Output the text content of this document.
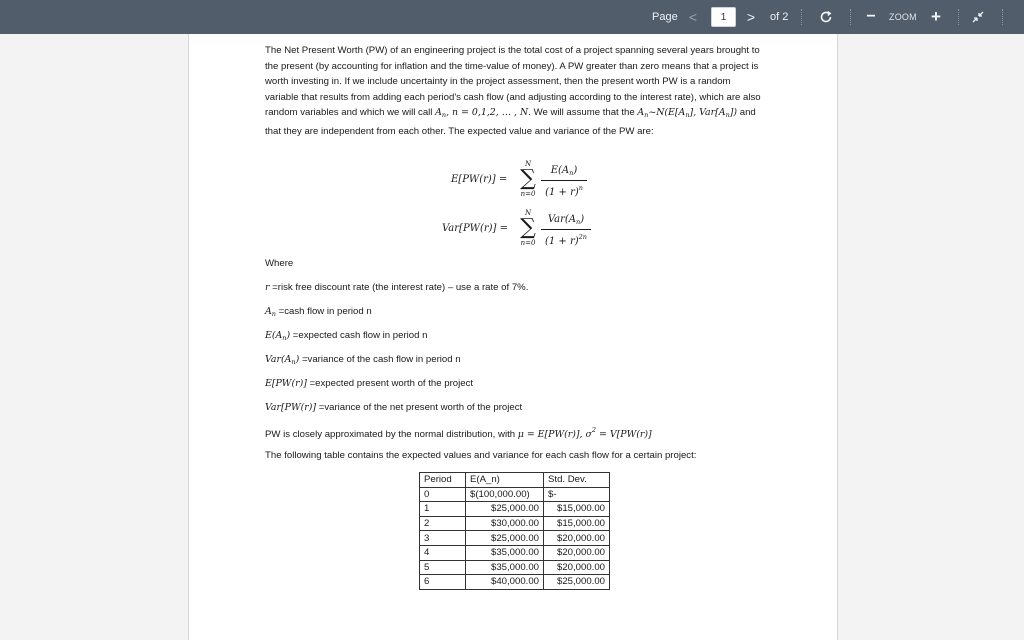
Page <
1	> of 2	− ZOOM +
The Net Present Worth (PW) of an engineering project is the total cost of a project spanning several years brought to the present (by accounting for inflation and the time-value of money). A PW greater than zero means that a project is worth investing in. If we include uncertainty in the project assessment, then the present worth PW is a random variable that results from adding each period's cash flow (and adjusting according to the interest rate), which are also random variables and which we will call $A_n$, n = 0,1,2, … , N. We will assume that the $A_n\sim N(E[A_n]$, $Var[A_n]$) and that they are independent from each other. The expected value and variance of the PW are:
E[PW(r)] =
N
∑
n=0
$E(A_n)$
$(1 + r)^n$
Var[PW(r)] =
N
∑
n=0
$Var(A_n)$
$(1 + r)^{2n}$
Where
r =risk free discount rate (the interest rate) – use a rate of 7%.
$A_n$ =cash flow in period n
$E(A_n)$ =expected cash flow in period n
$Var(A_n)$ =variance of the cash flow in period n
E[PW(r)] =expected present worth of the project
Var[PW(r)] =variance of the net present worth of the project
PW is closely approximated by the normal distribution, with μ = E[PW(r)], $\sigma^2 = V[PW(r)]$
The following table contains the expected values and variance for each cash flow for a certain project:
Period	E(A_n)	Std. Dev.
0	$(100,000.00)	$-
1	$25,000.00	$15,000.00
2	$30,000.00	$15,000.00
3	$25,000.00	$20,000.00
4	$35,000.00	$20,000.00
5	$35,000.00	$20,000.00
6	$40,000.00	$25,000.00
